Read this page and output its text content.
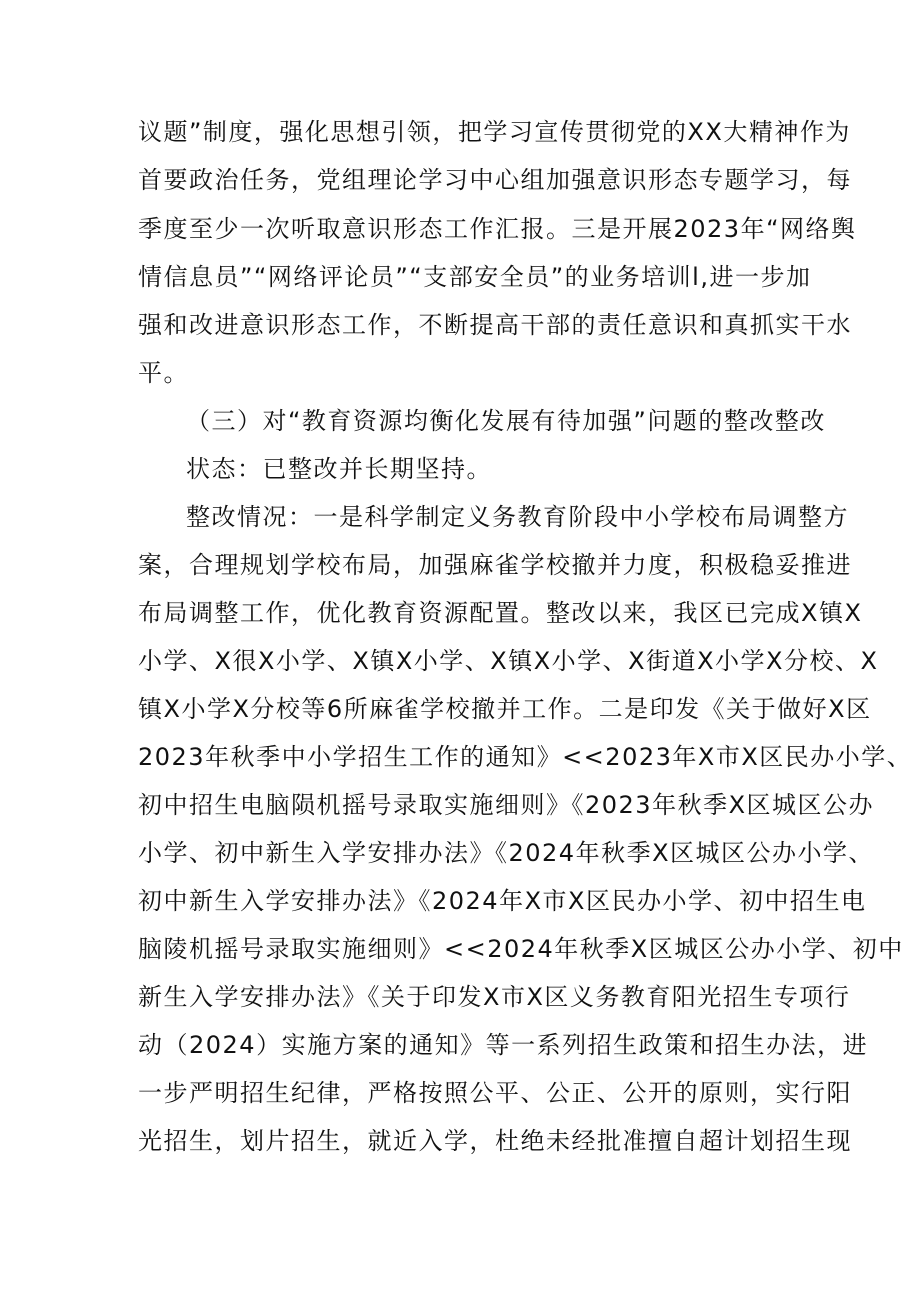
议题”制度，强化思想引领，把学习宣传贯彻党的XX大精神作为
首要政治任务，党组理论学习中心组加强意识形态专题学习，每
季度至少一次听取意识形态工作汇报。三是开展2023年“网络舆
情信息员”“网络评论员”“支部安全员”的业务培训l,进一步加
强和改进意识形态工作，不断提高干部的责任意识和真抓实干水
平。
（三）对“教育资源均衡化发展有待加强”问题的整改整改
状态：已整改并长期坚持。
整改情况：一是科学制定义务教育阶段中小学校布局调整方
案，合理规划学校布局，加强麻雀学校撤并力度，积极稳妥推进
布局调整工作，优化教育资源配置。整改以来，我区已完成X镇X
小学、X很X小学、X镇X小学、X镇X小学、X街道X小学X分校、X
镇X小学X分校等6所麻雀学校撤并工作。二是印发《关于做好X区
2023年秋季中小学招生工作的通知》<<2023年X市X区民办小学、
初中招生电脑陨机摇号录取实施细则》《2023年秋季X区城区公办
小学、初中新生入学安排办法》《2024年秋季X区城区公办小学、
初中新生入学安排办法》《2024年X市X区民办小学、初中招生电
脑陵机摇号录取实施细则》<<2024年秋季X区城区公办小学、初中
新生入学安排办法》《关于印发X市X区义务教育阳光招生专项行
动（2024）实施方案的通知》等一系列招生政策和招生办法，进
一步严明招生纪律，严格按照公平、公正、公开的原则，实行阳
光招生，划片招生，就近入学，杜绝未经批准擅自超计划招生现
